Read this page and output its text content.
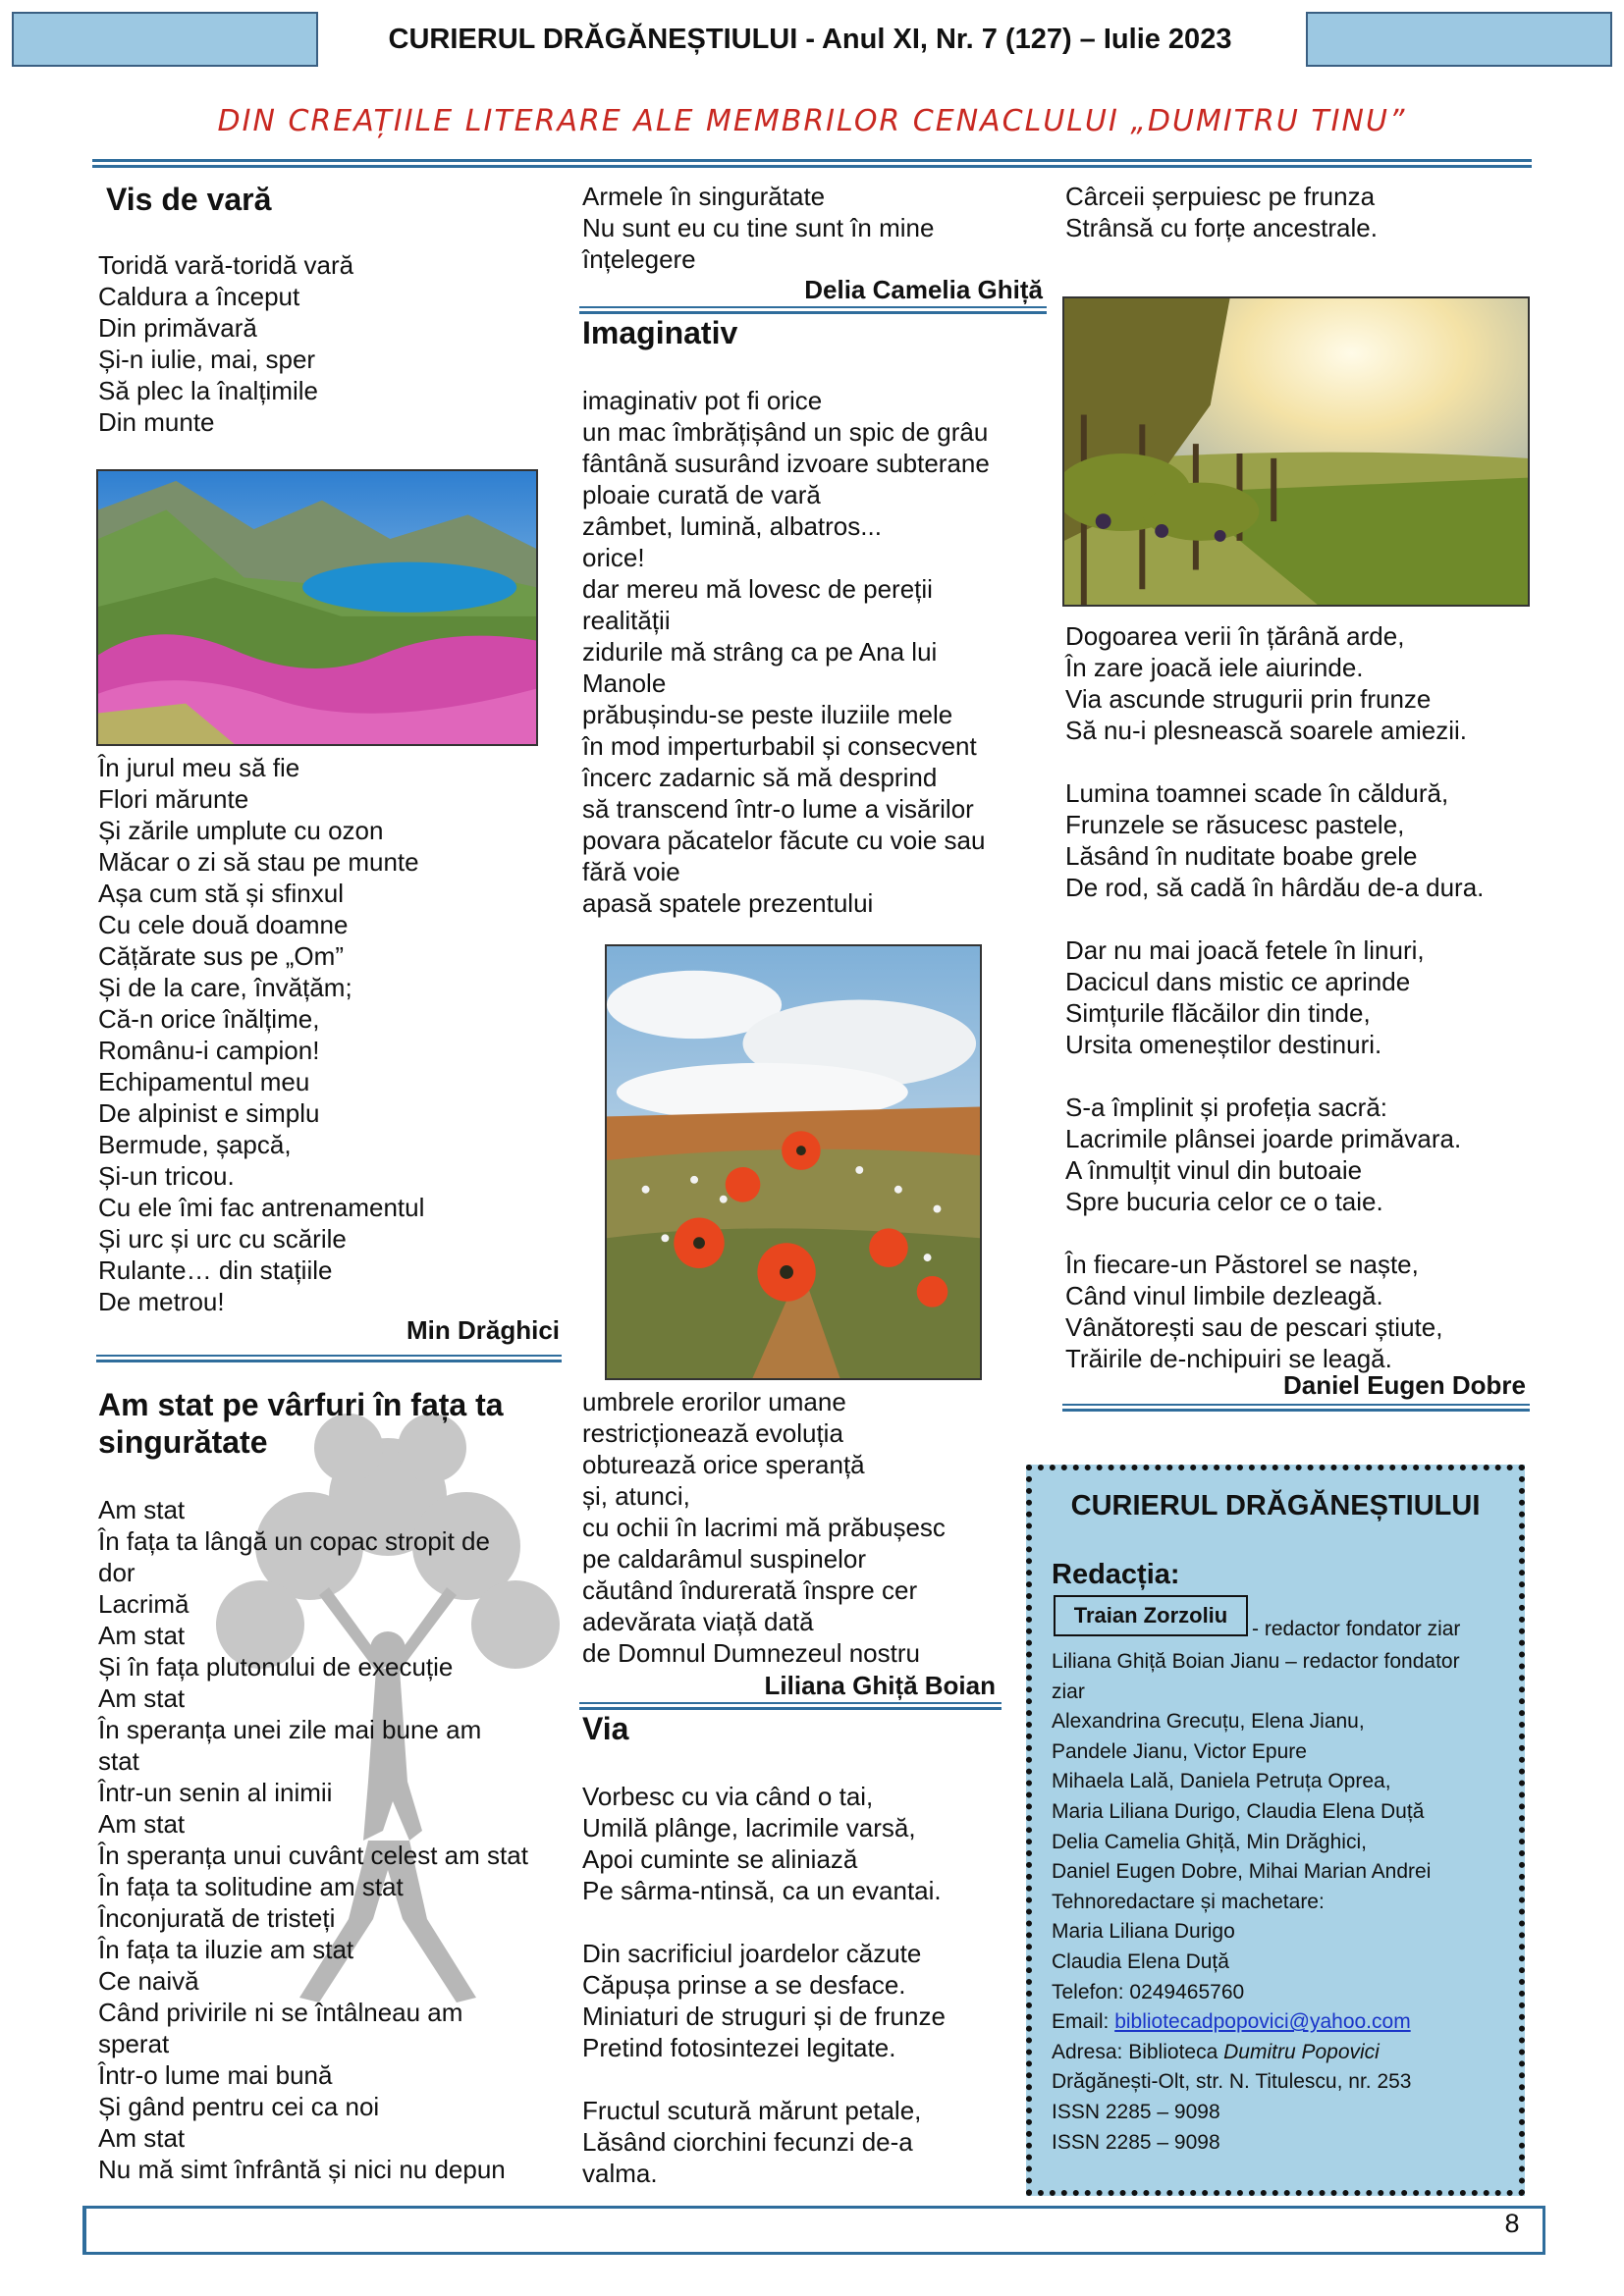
CURIERUL DRĂGĂNEȘTIULUI - Anul XI, Nr. 7 (127) – Iulie 2023
DIN CREAȚIILE LITERARE ALE MEMBRILOR CENACLULUI „DUMITRU TINU”
Vis de vară
Toridă vară-toridă vară
Caldura a început
Din primăvară
Și-n iulie, mai, sper
Să plec la înalțimile
Din munte
În jurul meu să fie
Flori mărunte
Și zările umplute cu ozon
Măcar o zi să stau pe munte
Așa cum stă și sfinxul
Cu cele două doamne
Cățărate sus pe „Om”
Și de la care, învățăm;
Că-n orice înălțime,
Românu-i campion!
Echipamentul meu
De alpinist e simplu
Bermude, șapcă,
Și-un tricou.
Cu ele îmi fac antrenamentul
Și urc și urc cu scările
Rulante… din stațiile
De metrou!
Min Drăghici
Am stat pe vârfuri în fața ta
singurătate
Am stat
În fața ta lângă un copac stropit de
dor
Lacrimă
Am stat
Și în fața plutonului de execuție
Am stat
În speranța unei zile mai bune am
stat
Într-un senin al inimii
Am stat
În speranța unui cuvânt celest am stat
În fața ta solitudine am stat
Înconjurată de tristeți
În fața ta iluzie am stat
Ce naivă
Când privirile ni se întâlneau am
sperat
Într-o lume mai bună
Și gând pentru cei ca noi
Am stat
Nu mă simt înfrântă și nici nu depun
Armele în singurătate
Nu sunt eu cu tine sunt în mine
înțelegere
Delia Camelia Ghiță
Imaginativ
imaginativ pot fi orice
un mac îmbrățișând un spic de grâu
fântână susurând izvoare subterane
ploaie curată de vară
zâmbet, lumină, albatros...
orice!
dar mereu mă lovesc de pereții
realității
zidurile mă strâng ca pe Ana lui
Manole
prăbușindu-se peste iluziile mele
în mod imperturbabil și consecvent
încerc zadarnic să mă desprind
să transcend într-o lume a visărilor
povara păcatelor făcute cu voie sau
fără voie
apasă spatele prezentului
umbrele erorilor umane
restricționează evoluția
obturează orice speranță
și, atunci,
cu ochii în lacrimi mă prăbușesc
pe caldarâmul suspinelor
căutând îndurerată înspre cer
adevărata viață dată
de Domnul Dumnezeul nostru
Liliana Ghiță Boian
Via
Vorbesc cu via când o tai,
Umilă plânge, lacrimile varsă,
Apoi cuminte se aliniază
Pe sârma-ntinsă, ca un evantai.
Din sacrificiul joardelor căzute
Căpușa prinse a se desface.
Miniaturi de struguri și de frunze
Pretind fotosintezei legitate.
Fructul scutură mărunt petale,
Lăsând ciorchini fecunzi de-a
valma.
Cârceii șerpuiesc pe frunza
Strânsă cu forțe ancestrale.
Dogoarea verii în țărână arde,
În zare joacă iele aiurinde.
Via ascunde strugurii prin frunze
Să nu-i plesnească soarele amiezii.
Lumina toamnei scade în căldură,
Frunzele se răsucesc pastele,
Lăsând în nuditate boabe grele
De rod, să cadă în hârdău de-a dura.
Dar nu mai joacă fetele în linuri,
Dacicul dans mistic ce aprinde
Simțurile flăcăilor din tinde,
Ursita omeneștilor destinuri.
S-a împlinit și profeția sacră:
Lacrimile plânsei joarde primăvara.
A înmulțit vinul din butoaie
Spre bucuria celor ce o taie.
În fiecare-un Păstorel se naște,
Când vinul limbile dezleagă.
Vânătorești sau de pescari știute,
Trăirile de-nchipuiri se leagă.
Daniel Eugen Dobre
CURIERUL DRĂGĂNEȘTIULUI
Redacția:
Traian Zorzoliu
- redactor fondator ziar
Liliana Ghiță Boian Jianu – redactor fondator
ziar
Alexandrina Grecuțu, Elena Jianu,
Pandele Jianu, Victor Epure
Mihaela Lală, Daniela Petruța Oprea,
Maria Liliana Durigo, Claudia Elena Duță
Delia Camelia Ghiță, Min Drăghici,
Daniel Eugen Dobre, Mihai Marian Andrei
Tehnoredactare și machetare:
Maria Liliana Durigo
Claudia Elena Duță
Telefon: 0249465760
Email: bibliotecadpopovici@yahoo.com
Adresa: Biblioteca Dumitru Popovici
Drăgănești-Olt, str. N. Titulescu, nr. 253
ISSN 2285 – 9098
ISSN 2285 – 9098
8
